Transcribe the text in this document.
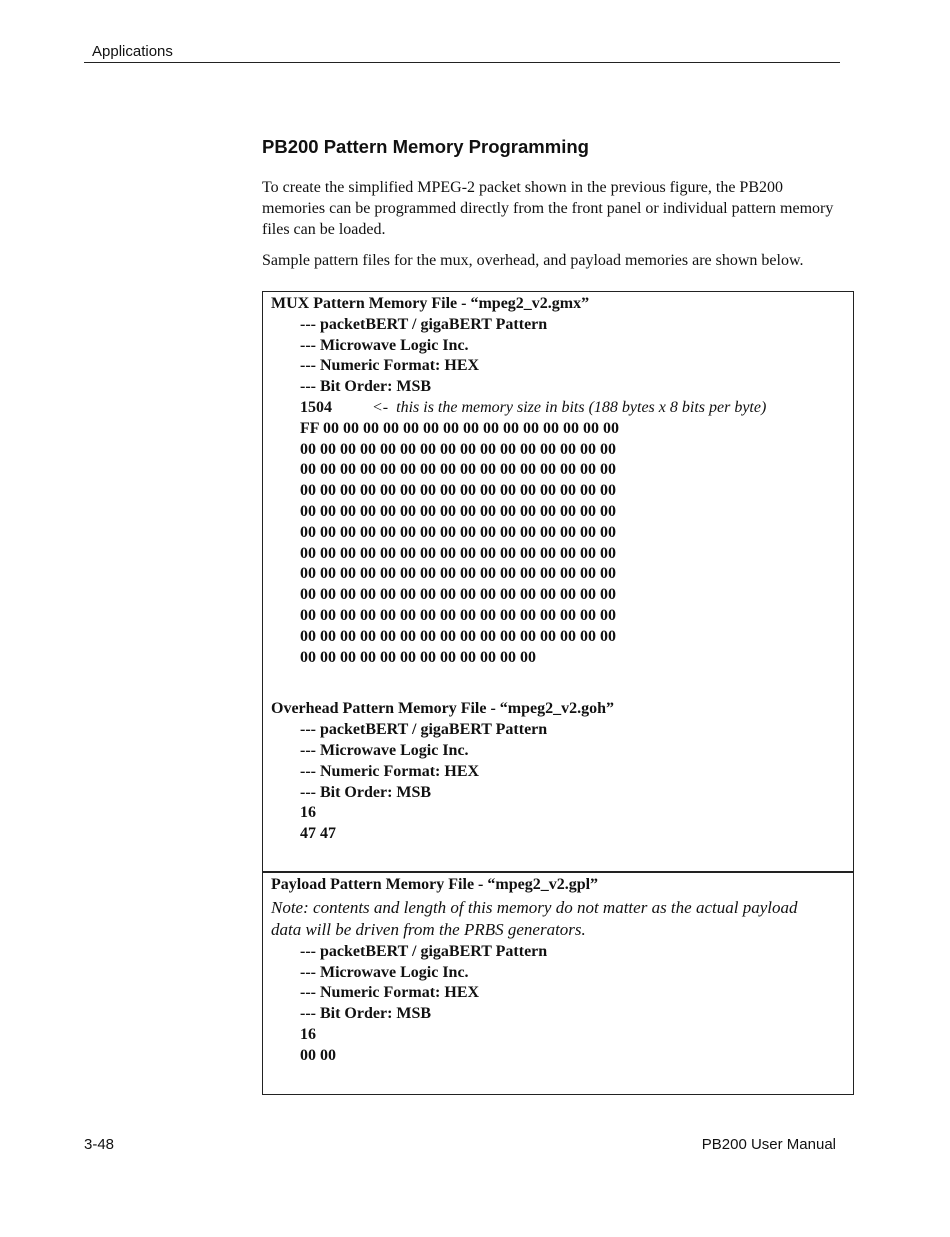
Applications
PB200 Pattern Memory Programming

To create the simplified MPEG-2 packet shown in the previous figure, the PB200 memories can be programmed directly from the front panel or individual pattern memory files can be loaded.

Sample pattern files for the mux, overhead, and payload memories are shown below.

MUX Pattern Memory File - “mpeg2_v2.gmx”
--- packetBERT / gigaBERT Pattern
--- Microwave Logic Inc.
--- Numeric Format: HEX
--- Bit Order: MSB
1504	<-  this is the memory size in bits (188 bytes x 8 bits per byte)
FF 00 00 00 00 00 00 00 00 00 00 00 00 00 00 00
00 00 00 00 00 00 00 00 00 00 00 00 00 00 00 00
00 00 00 00 00 00 00 00 00 00 00 00 00 00 00 00
00 00 00 00 00 00 00 00 00 00 00 00 00 00 00 00
00 00 00 00 00 00 00 00 00 00 00 00 00 00 00 00
00 00 00 00 00 00 00 00 00 00 00 00 00 00 00 00
00 00 00 00 00 00 00 00 00 00 00 00 00 00 00 00
00 00 00 00 00 00 00 00 00 00 00 00 00 00 00 00
00 00 00 00 00 00 00 00 00 00 00 00 00 00 00 00
00 00 00 00 00 00 00 00 00 00 00 00 00 00 00 00
00 00 00 00 00 00 00 00 00 00 00 00 00 00 00 00
00 00 00 00 00 00 00 00 00 00 00 00
Overhead Pattern Memory File - “mpeg2_v2.goh”
--- packetBERT / gigaBERT Pattern
--- Microwave Logic Inc.
--- Numeric Format: HEX
--- Bit Order: MSB
16
47 47
Payload Pattern Memory File - “mpeg2_v2.gpl”
Note: contents and length of this memory do not matter as the actual payload data will be driven from the PRBS generators.
--- packetBERT / gigaBERT Pattern
--- Microwave Logic Inc.
--- Numeric Format: HEX
--- Bit Order: MSB
16
00 00
3-48	PB200 User Manual
